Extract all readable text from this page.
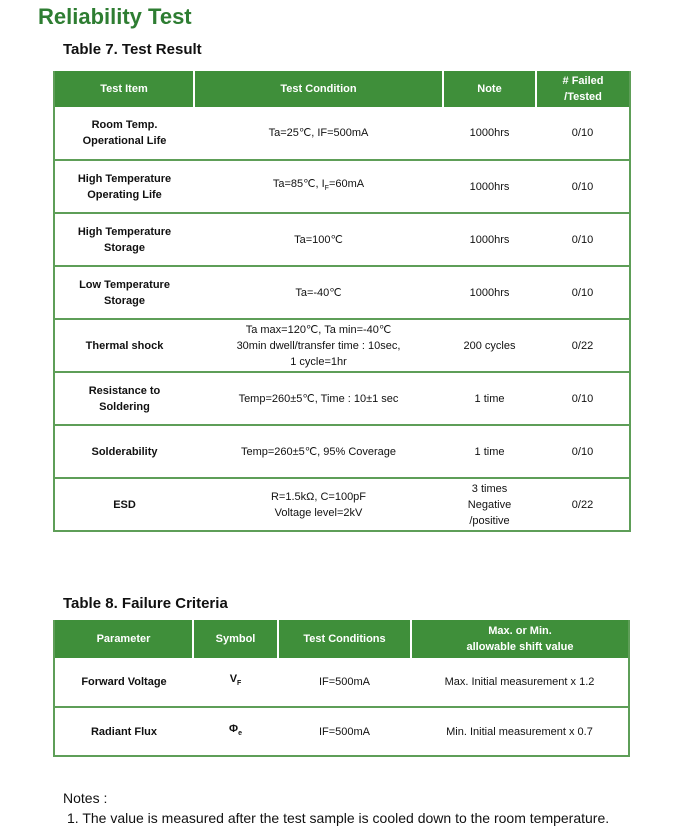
Reliability Test
Table 7. Test Result
Test Item	Test Condition	Note	# Failed
/Tested
Room Temp.
Operational Life	Ta=25℃, IF=500mA	1000hrs	0/10
High Temperature
Operating Life	Ta=85℃, $I_F=60mA$	1000hrs	0/10
High Temperature
Storage	Ta=100℃	1000hrs	0/10
Low Temperature
Storage	Ta=-40℃	1000hrs	0/10
Thermal shock	Ta max=120℃, Ta min=-40℃
30min dwell/transfer time : 10sec,
1 cycle=1hr	200 cycles	0/22
Resistance to
Soldering	Temp=260±5℃, Time : 10±1 sec	1 time	0/10
Solderability	Temp=260±5℃, 95% Coverage	1 time	0/10
ESD	R=1.5kΩ, C=100pF
Voltage level=2kV	3 times
Negative
/positive	0/22
Table 8. Failure Criteria
Parameter	Symbol	Test Conditions	Max. or Min.
allowable shift value
Forward Voltage	$V_F$	IF=500mA	Max. Initial measurement x 1.2
Radiant Flux	$\Phi_e$	IF=500mA	Min. Initial measurement x 0.7
Notes :
1. The value is measured after the test sample is cooled down to the room temperature.
